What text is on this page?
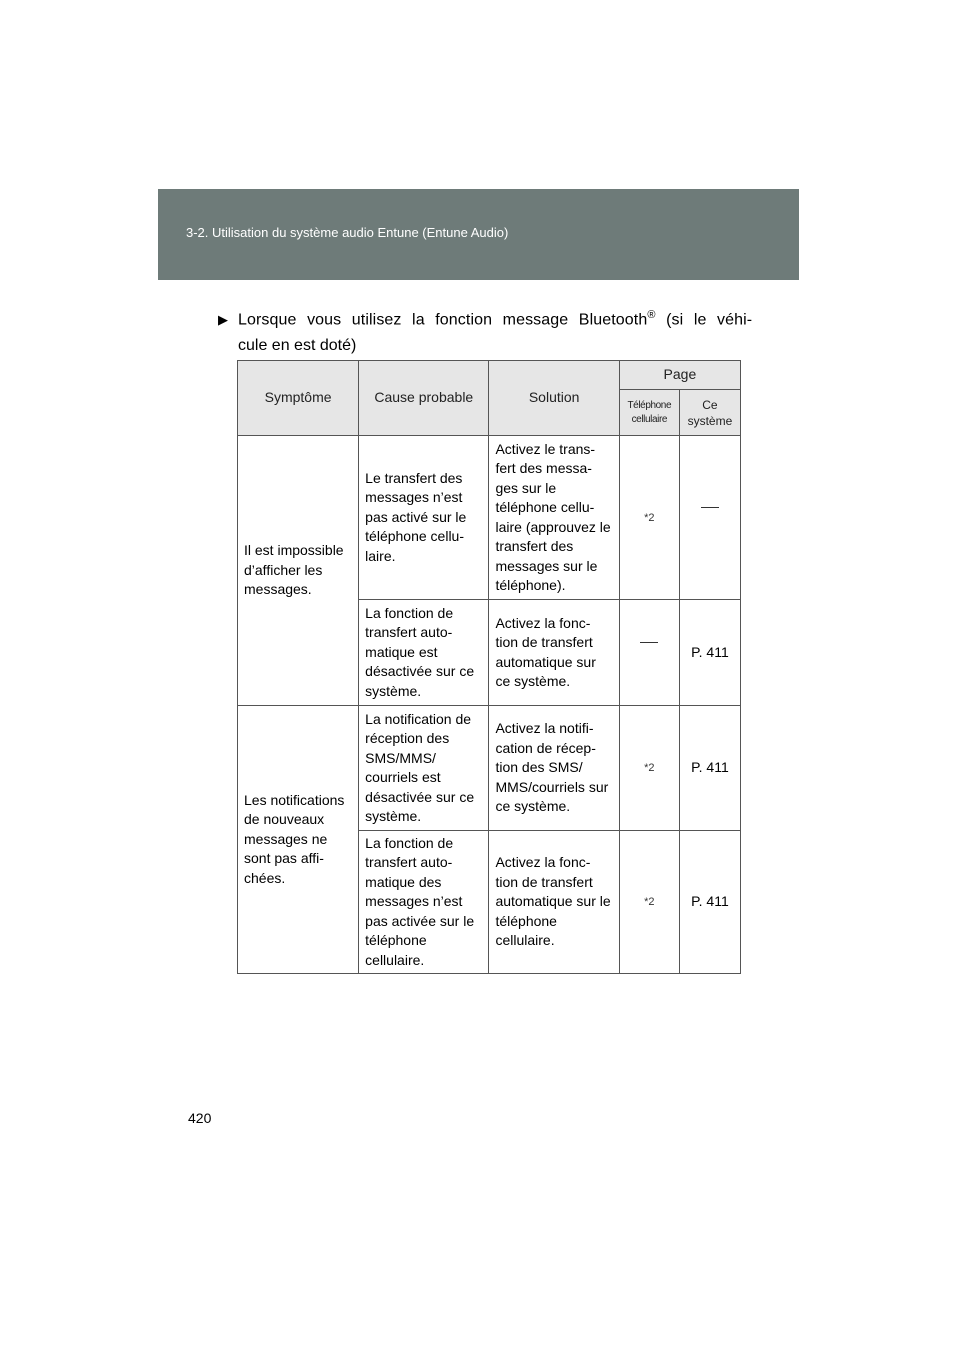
3-2. Utilisation du système audio Entune (Entune Audio)
▶ Lorsque vous utilisez la fonction message Bluetooth® (si le véhi-
cule en est doté)
Symptôme	Cause probable	Solution	Page	
			Téléphone cellulaire	Ce système
Il est impossible d’afficher les messages.	Le transfert des messages n’est pas activé sur le téléphone cellu-laire.	Activez le trans-fert des messa-ges sur le téléphone cellu-laire (approuvez le transfert des messages sur le téléphone).	*2	
	La fonction de transfert auto-matique est désactivée sur ce système.	Activez la fonc-tion de transfert automatique sur ce système.		P. 411
Les notifications de nouveaux messages ne sont pas affi-chées.	La notification de réception des SMS/MMS/ courriels est désactivée sur ce système.	Activez la notifi-cation de récep-tion des SMS/ MMS/courriels sur ce système.	*2	P. 411
	La fonction de transfert auto-matique des messages n’est pas activée sur le téléphone cellulaire.	Activez la fonc-tion de transfert automatique sur le téléphone cellulaire.	*2	P. 411
420
